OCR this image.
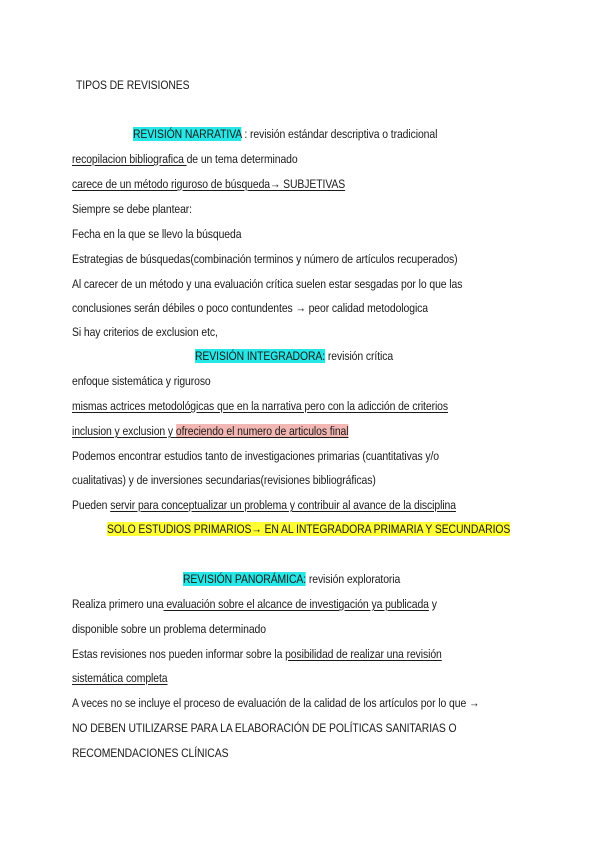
TIPOS DE REVISIONES
REVISIÓN NARRATIVA : revisión estándar descriptiva o tradicional
recopilacion bibliografica de un tema determinado
carece de un método riguroso de búsqueda→ SUBJETIVAS
Siempre se debe plantear:
Fecha en la que se llevo la búsqueda
Estrategias de búsquedas(combinación terminos y número de artículos recuperados)
Al carecer de un método y una evaluación crítica suelen estar sesgadas por lo que las
conclusiones serán débiles o poco contundentes → peor calidad metodologica
Si hay criterios de exclusion etc,
REVISIÓN INTEGRADORA: revisión crítica
enfoque sistemática y riguroso
mismas actrices metodológicas que en la narrativa pero con la adicción de criterios
inclusion y exclusion y ofreciendo el numero de articulos final
Podemos encontrar estudios tanto de investigaciones primarias (cuantitativas y/o
cualitativas) y de inversiones secundarias(revisiones bibliográficas)
Pueden servir para conceptualizar un problema y contribuir al avance de la disciplina
SOLO ESTUDIOS PRIMARIOS→ EN AL INTEGRADORA PRIMARIA Y SECUNDARIOS
REVISIÓN PANORÁMICA: revisión exploratoria
Realiza primero una evaluación sobre el alcance de investigación ya publicada y
disponible sobre un problema determinado
Estas revisiones nos pueden informar sobre la posibilidad de realizar una revisión
sistemática completa
A veces no se incluye el proceso de evaluación de la calidad de los artículos por lo que →
NO DEBEN UTILIZARSE PARA LA ELABORACIÓN DE POLÍTICAS SANITARIAS O
RECOMENDACIONES CLÍNICAS
